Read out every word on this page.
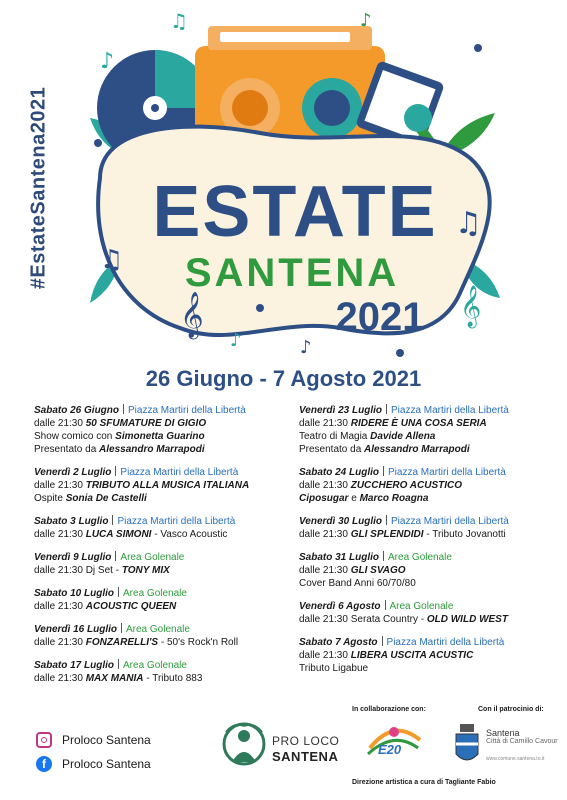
#EstateSantena2021 ESTATE
SANTENA
2021
𝄞
♫
♪
♫	♪
♫
𝄞
♪
♪
26 Giugno - 7 Agosto 2021
Sabato 26 Giugno Piazza Martiri della Libertà
dalle 21:30 50 SFUMATURE DI GIGIO
Show comico con Simonetta Guarino
Presentato da Alessandro Marrapodi
Venerdì 2 Luglio Piazza Martiri della Libertà
dalle 21:30 TRIBUTO ALLA MUSICA ITALIANA
Ospite Sonia De Castelli
Sabato 3 Luglio Piazza Martiri della Libertà
dalle 21:30 LUCA SIMONI - Vasco Acoustic
Venerdì 9 Luglio Area Golenale
dalle 21:30 Dj Set - TONY MIX
Sabato 10 Luglio Area Golenale
dalle 21:30 ACOUSTIC QUEEN
Venerdì 16 Luglio Area Golenale
dalle 21:30 FONZARELLI'S - 50's Rock'n Roll
Sabato 17 Luglio Area Golenale
dalle 21:30 MAX MANIA - Tributo 883
Venerdì 23 Luglio Piazza Martiri della Libertà
dalle 21:30 RIDERE È UNA COSA SERIA
Teatro di Magia Davide Allena
Presentato da Alessandro Marrapodi
Sabato 24 Luglio Piazza Martiri della Libertà
dalle 21:30 ZUCCHERO ACUSTICO
Ciposugar e Marco Roagna
Venerdì 30 Luglio Piazza Martiri della Libertà
dalle 21:30 GLI SPLENDIDI - Tributo Jovanotti
Sabato 31 Luglio Area Golenale
dalle 21:30 GLI SVAGO
Cover Band Anni 60/70/80
Venerdì 6 Agosto Area Golenale
dalle 21:30 Serata Country - OLD WILD WEST
Sabato 7 Agosto Piazza Martiri della Libertà
dalle 21:30 LIBERA USCITA ACUSTIC
Tributo Ligabue
Proloco Santena
f	Proloco Santena
In collaborazione con:	Con il patrocinio di:
PRO LOCO
SANTENA	E20
Santena
Città di Camillo Cavour
www.comune.santena.to.it
Direzione artistica a cura di Tagliante Fabio
